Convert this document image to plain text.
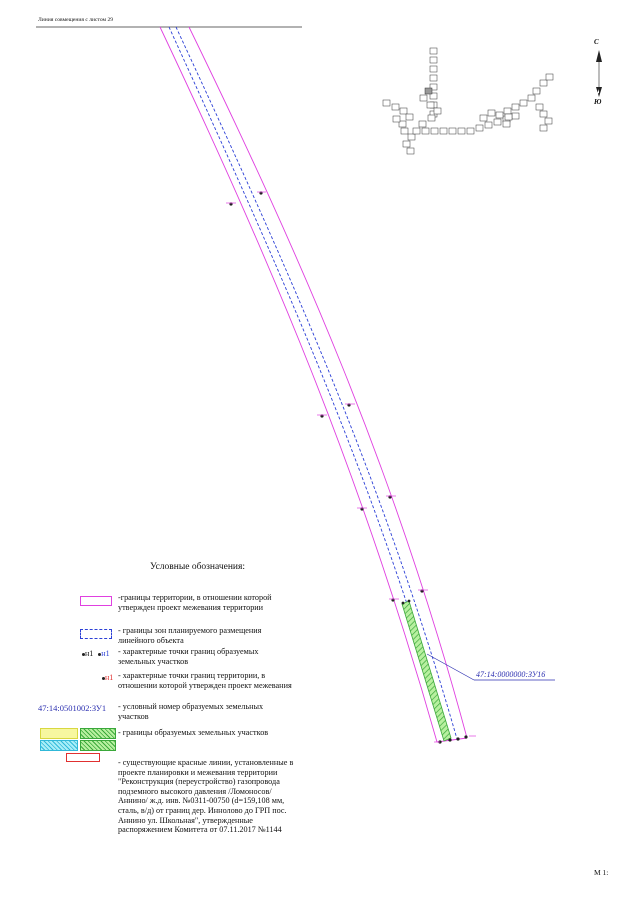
Линия совмещения с листом 29
С
Ю
47:14:0000000:ЗУ16
М 1:
Условные обозначения:
-границы территории, в отношении которой утвержден проект межевания территории
- границы зон планируемого размещения линейного объекта
н1 н1 - характерные точки границ образуемых земельных участков
н1 - характерные точки границ территории, в отношении которой утвержден проект межевания
47:14:0501002:ЗУ1 - условный номер образуемых земельных участков
- границы образуемых земельных участков
- существующие красные линии, установленные в проекте планировки и межевания территории "Реконструкция (переустройство) газопровода подземного высокого давления /Ломоносов/Аннино/ ж.д. инв. №0311-00750 (d=159,108 мм, сталь, в/д) от границ дер. Иннолово до ГРП пос. Аннино ул. Школьная", утвержденные распоряжением Комитета от 07.11.2017 №1144
